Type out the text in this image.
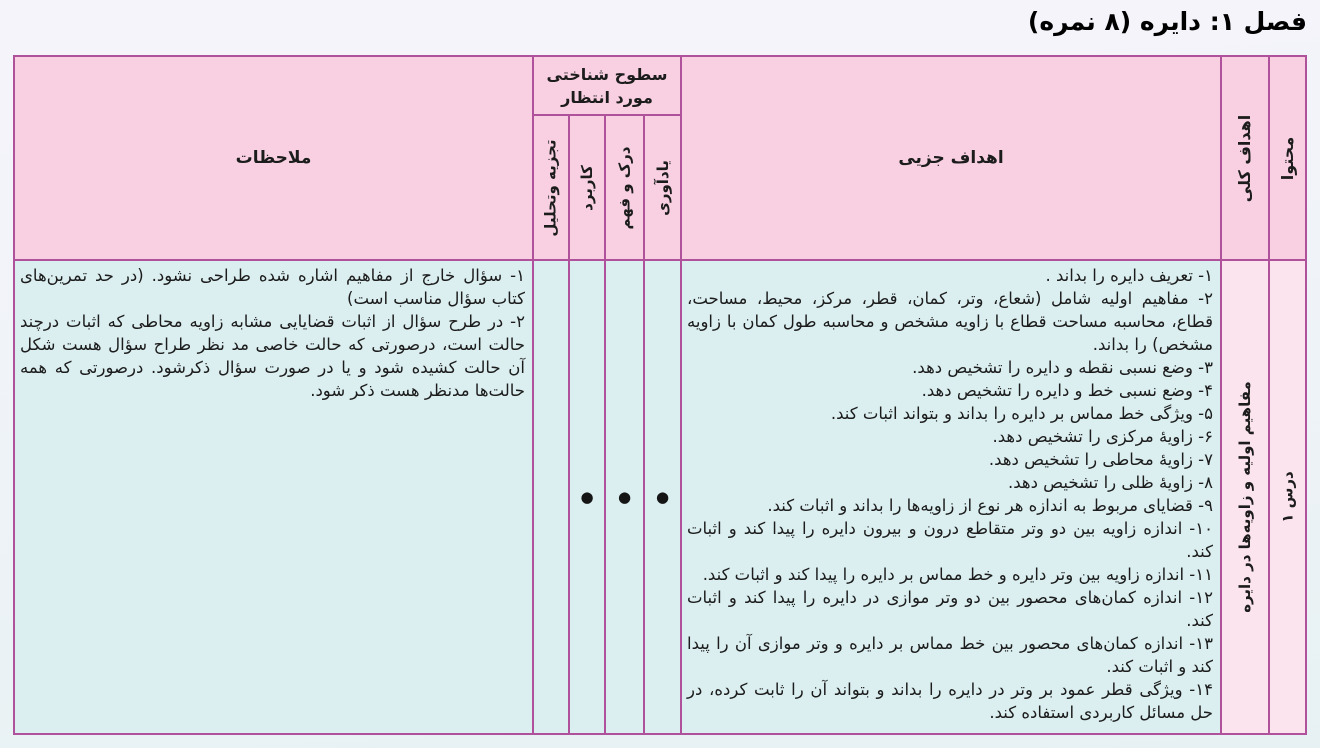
فصل ۱: دایره (۸ نمره)
محتوا
اهداف کلی
اهداف جزیی
سطوح شناختی مورد انتظار
یادآوری
درک و فهم
کاربرد
تجزیه وتحلیل
ملاحظات
درس ۱
مفاهیم اولیه و زاویه‌ها در دایره
۱- تعریف دایره را بداند .
۲- مفاهیم اولیه شامل (شعاع، وتر، کمان، قطر، مرکز، محیط، مساحت، قطاع، محاسبه مساحت قطاع با زاویه مشخص و محاسبه طول کمان با زاویه مشخص) را بداند.
۳- وضع نسبی نقطه و دایره را تشخیص دهد.
۴- وضع نسبی خط و دایره را تشخیص دهد.
۵- ویژگی خط مماس بر دایره را بداند و بتواند اثبات کند.
۶- زاویهٔ مرکزی را تشخیص دهد.
۷- زاویهٔ محاطی را تشخیص دهد.
۸- زاویهٔ ظلی را تشخیص دهد.
۹- قضایای مربوط به اندازه هر نوع از زاویه‌ها را بداند و اثبات کند.
۱۰- اندازه زاویه بین دو وتر متقاطع درون و بیرون دایره را پیدا کند و اثبات کند.
۱۱- اندازه زاویه بین وتر دایره و خط مماس بر دایره را پیدا کند و اثبات کند.
۱۲- اندازه کمان‌های محصور بین دو وتر موازی در دایره را پیدا کند و اثبات کند.
۱۳- اندازه کمان‌های محصور بین خط مماس بر دایره و وتر موازی آن را پیدا کند و اثبات کند.
۱۴- ویژگی قطر عمود بر وتر در دایره را بداند و بتواند آن را ثابت کرده، در حل مسائل کاربردی استفاده کند.
●
●
●
۱- سؤال خارج از مفاهیم اشاره شده طراحی نشود. (در حد تمرین‌های کتاب سؤال مناسب است)
۲- در طرح سؤال از اثبات قضایایی مشابه زاویه محاطی که اثبات درچند حالت است، درصورتی که حالت خاصی مد نظر طراح سؤال هست شکل آن حالت کشیده شود و یا در صورت سؤال ذکرشود. درصورتی که همه حالت‌ها مدنظر هست ذکر شود.
